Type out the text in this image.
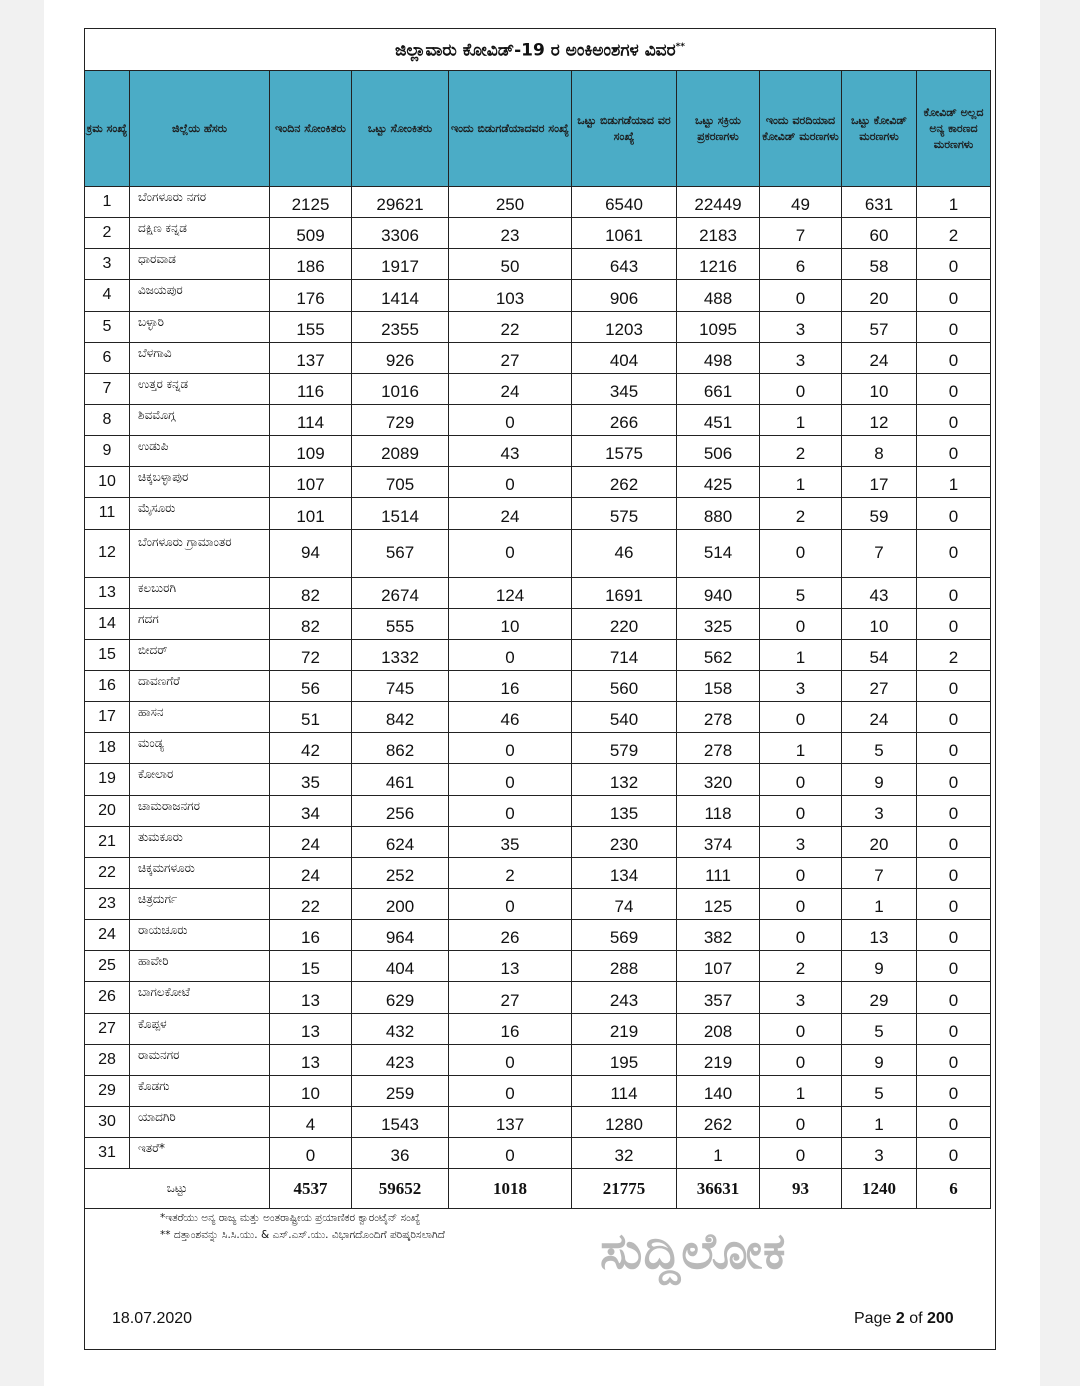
ಜಿಲ್ಲಾವಾರು ಕೋವಿಡ್-19 ರ ಅಂಕಿಅಂಶಗಳ ವಿವರ**
ಕ್ರಮ ಸಂಖ್ಯೆ	ಜಿಲ್ಲೆಯ ಹೆಸರು	ಇಂದಿನ ಸೋಂಕಿತರು	ಒಟ್ಟು ಸೋಂಕಿತರು	ಇಂದು ಬಿಡುಗಡೆಯಾದವರ ಸಂಖ್ಯೆ	ಒಟ್ಟು ಬಿಡುಗಡೆಯಾದ ವರ ಸಂಖ್ಯೆ	ಒಟ್ಟು ಸಕ್ರಿಯ ಪ್ರಕರಣಗಳು	ಇಂದು ವರದಿಯಾದ ಕೋವಿಡ್ ಮರಣಗಳು	ಒಟ್ಟು ಕೋವಿಡ್ ಮರಣಗಳು	ಕೋವಿಡ್ ಅಲ್ಲದ ಅನ್ಯ ಕಾರಣದ ಮರಣಗಳು
1	ಬೆಂಗಳೂರು ನಗರ	2125	29621	250	6540	22449	49	631	1
2	ದಕ್ಷಿಣ ಕನ್ನಡ	509	3306	23	1061	2183	7	60	2
3	ಧಾರವಾಡ	186	1917	50	643	1216	6	58	0
4	ವಿಜಯಪುರ	176	1414	103	906	488	0	20	0
5	ಬಳ್ಳಾರಿ	155	2355	22	1203	1095	3	57	0
6	ಬೆಳಗಾವಿ	137	926	27	404	498	3	24	0
7	ಉತ್ತರ ಕನ್ನಡ	116	1016	24	345	661	0	10	0
8	ಶಿವಮೊಗ್ಗ	114	729	0	266	451	1	12	0
9	ಉಡುಪಿ	109	2089	43	1575	506	2	8	0
10	ಚಿಕ್ಕಬಳ್ಳಾಪುರ	107	705	0	262	425	1	17	1
11	ಮೈಸೂರು	101	1514	24	575	880	2	59	0
12	ಬೆಂಗಳೂರು ಗ್ರಾಮಾಂತರ	94	567	0	46	514	0	7	0
13	ಕಲಬುರಗಿ	82	2674	124	1691	940	5	43	0
14	ಗದಗ	82	555	10	220	325	0	10	0
15	ಬೀದರ್	72	1332	0	714	562	1	54	2
16	ದಾವಣಗೆರೆ	56	745	16	560	158	3	27	0
17	ಹಾಸನ	51	842	46	540	278	0	24	0
18	ಮಂಡ್ಯ	42	862	0	579	278	1	5	0
19	ಕೋಲಾರ	35	461	0	132	320	0	9	0
20	ಚಾಮರಾಜನಗರ	34	256	0	135	118	0	3	0
21	ತುಮಕೂರು	24	624	35	230	374	3	20	0
22	ಚಿಕ್ಕಮಗಳೂರು	24	252	2	134	111	0	7	0
23	ಚಿತ್ರದುರ್ಗ	22	200	0	74	125	0	1	0
24	ರಾಯಚೂರು	16	964	26	569	382	0	13	0
25	ಹಾವೇರಿ	15	404	13	288	107	2	9	0
26	ಬಾಗಲಕೋಟೆ	13	629	27	243	357	3	29	0
27	ಕೊಪ್ಪಳ	13	432	16	219	208	0	5	0
28	ರಾಮನಗರ	13	423	0	195	219	0	9	0
29	ಕೊಡಗು	10	259	0	114	140	1	5	0
30	ಯಾದಗಿರಿ	4	1543	137	1280	262	0	1	0
31	ಇತರೆ*	0	36	0	32	1	0	3	0
ಒಟ್ಟು		4537	59652	1018	21775	36631	93	1240	6
*ಇತರೆಯು ಅನ್ಯ ರಾಜ್ಯ ಮತ್ತು ಅಂತರಾಷ್ಟ್ರೀಯ ಪ್ರಯಾಣಿಕರ ಕ್ವಾರಂಟೈನ್ ಸಂಖ್ಯೆ
** ದತ್ತಾಂಶವನ್ನು ಸಿ.ಸಿ.ಯು. & ಎಸ್.ಎಸ್.ಯು. ವಿಭಾಗದೊಂದಿಗೆ ಪರಿಷ್ಕರಿಸಲಾಗಿದೆ	ಸುದ್ದಿಲೋಕ
18.07.2020	Page 2 of 200
